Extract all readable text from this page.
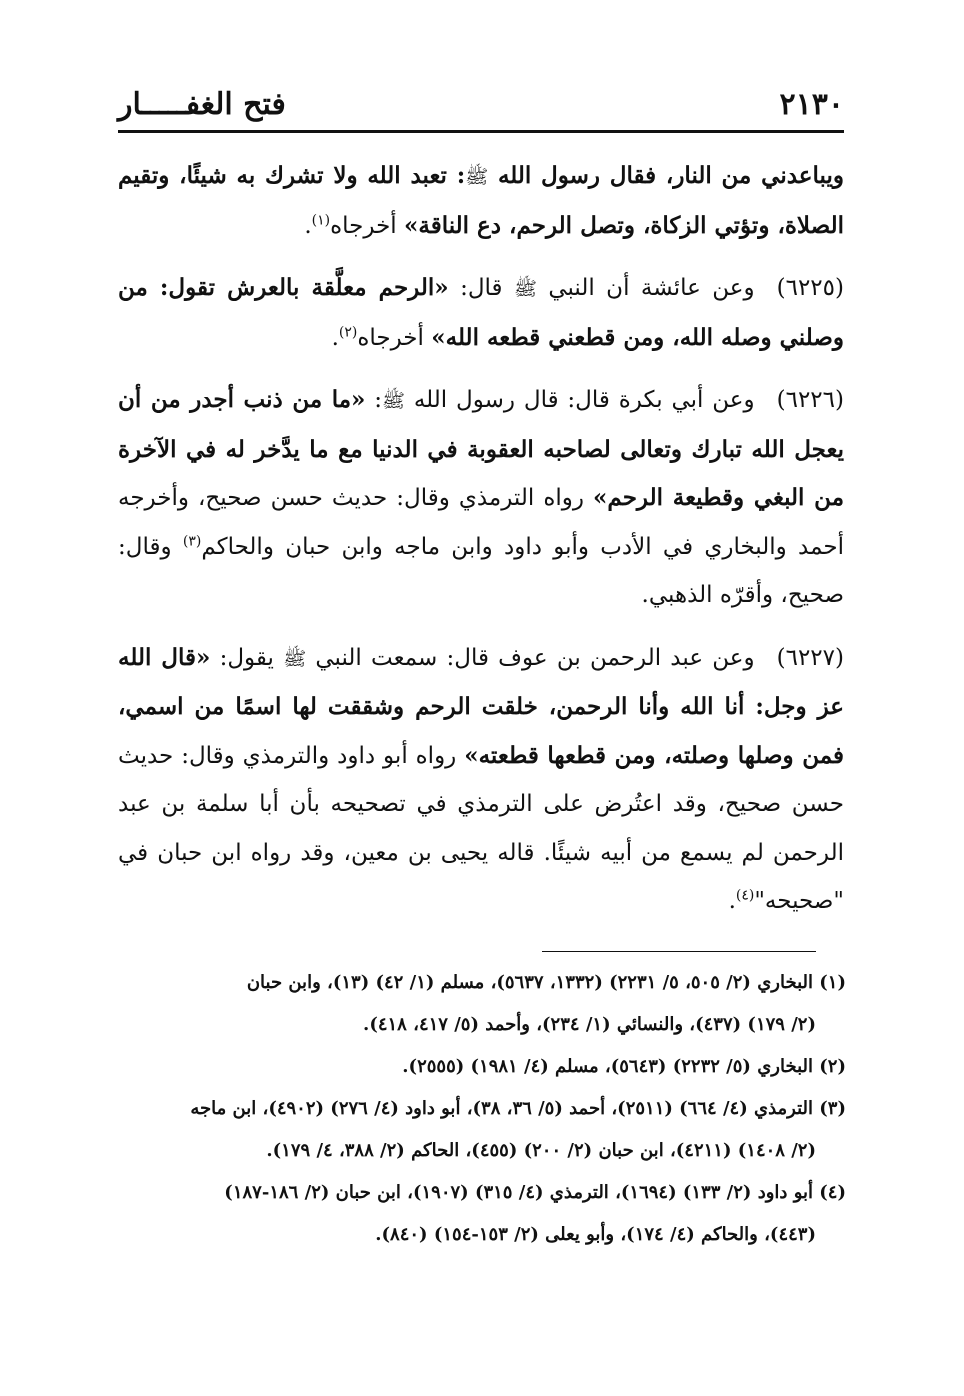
٢١٣٠
فتح الغفـــــار

ويباعدني من النار، فقال رسول الله ﷺ: تعبد الله ولا تشرك به شيئًا، وتقيم الصلاة، وتؤتي الزكاة، وتصل الرحم، دع الناقة» أخرجاه$^{(١)}$.

(٦٢٢٥)وعن عائشة أن النبي ﷺ قال: «الرحم معلَّقة بالعرش تقول: من وصلني وصله الله، ومن قطعني قطعه الله» أخرجاه$^{(٢)}$.

(٦٢٢٦)وعن أبي بكرة قال: قال رسول الله ﷺ: «ما من ذنب أجدر من أن يعجل الله تبارك وتعالى لصاحبه العقوبة في الدنيا مع ما يدَّخر له في الآخرة من البغي وقطيعة الرحم» رواه الترمذي وقال: حديث حسن صحيح، وأخرجه أحمد والبخاري في الأدب وأبو داود وابن ماجه وابن حبان والحاكم$^{(٣)}$ وقال: صحيح، وأقرّه الذهبي.

(٦٢٢٧)وعن عبد الرحمن بن عوف قال: سمعت النبي ﷺ يقول: «قال الله عز وجل: أنا الله وأنا الرحمن، خلقت الرحم وشققت لها اسمًا من اسمي، فمن وصلها وصلته، ومن قطعها قطعته» رواه أبو داود والترمذي وقال: حديث حسن صحيح، وقد اعتُرض على الترمذي في تصحيحه بأن أبا سلمة بن عبد الرحمن لم يسمع من أبيه شيئًا. قاله يحيى بن معين، وقد رواه ابن حبان في "صحيحه"$^{(٤)}$.

(١) البخاري (٢/ ٥٠٥، ٥/ ٢٢٣١) (١٣٣٢، ٥٦٣٧)، مسلم (١/ ٤٢) (١٣)، وابن حبان
(٢/ ١٧٩) (٤٣٧)، والنسائي (١/ ٢٣٤)، وأحمد (٥/ ٤١٧، ٤١٨).

(٢) البخاري (٥/ ٢٢٣٢) (٥٦٤٣)، مسلم (٤/ ١٩٨١) (٢٥٥٥).

(٣) الترمذي (٤/ ٦٦٤) (٢٥١١)، أحمد (٥/ ٣٦، ٣٨)، أبو داود (٤/ ٢٧٦) (٤٩٠٢)، ابن ماجه
(٢/ ١٤٠٨) (٤٢١١)، ابن حبان (٢/ ٢٠٠) (٤٥٥)، الحاكم (٢/ ٣٨٨، ٤/ ١٧٩).

(٤) أبو داود (٢/ ١٣٣) (١٦٩٤)، الترمذي (٤/ ٣١٥) (١٩٠٧)، ابن حبان (٢/ ١٨٦-١٨٧)
(٤٤٣)، والحاكم (٤/ ١٧٤)، وأبو يعلى (٢/ ١٥٣-١٥٤) (٨٤٠).
